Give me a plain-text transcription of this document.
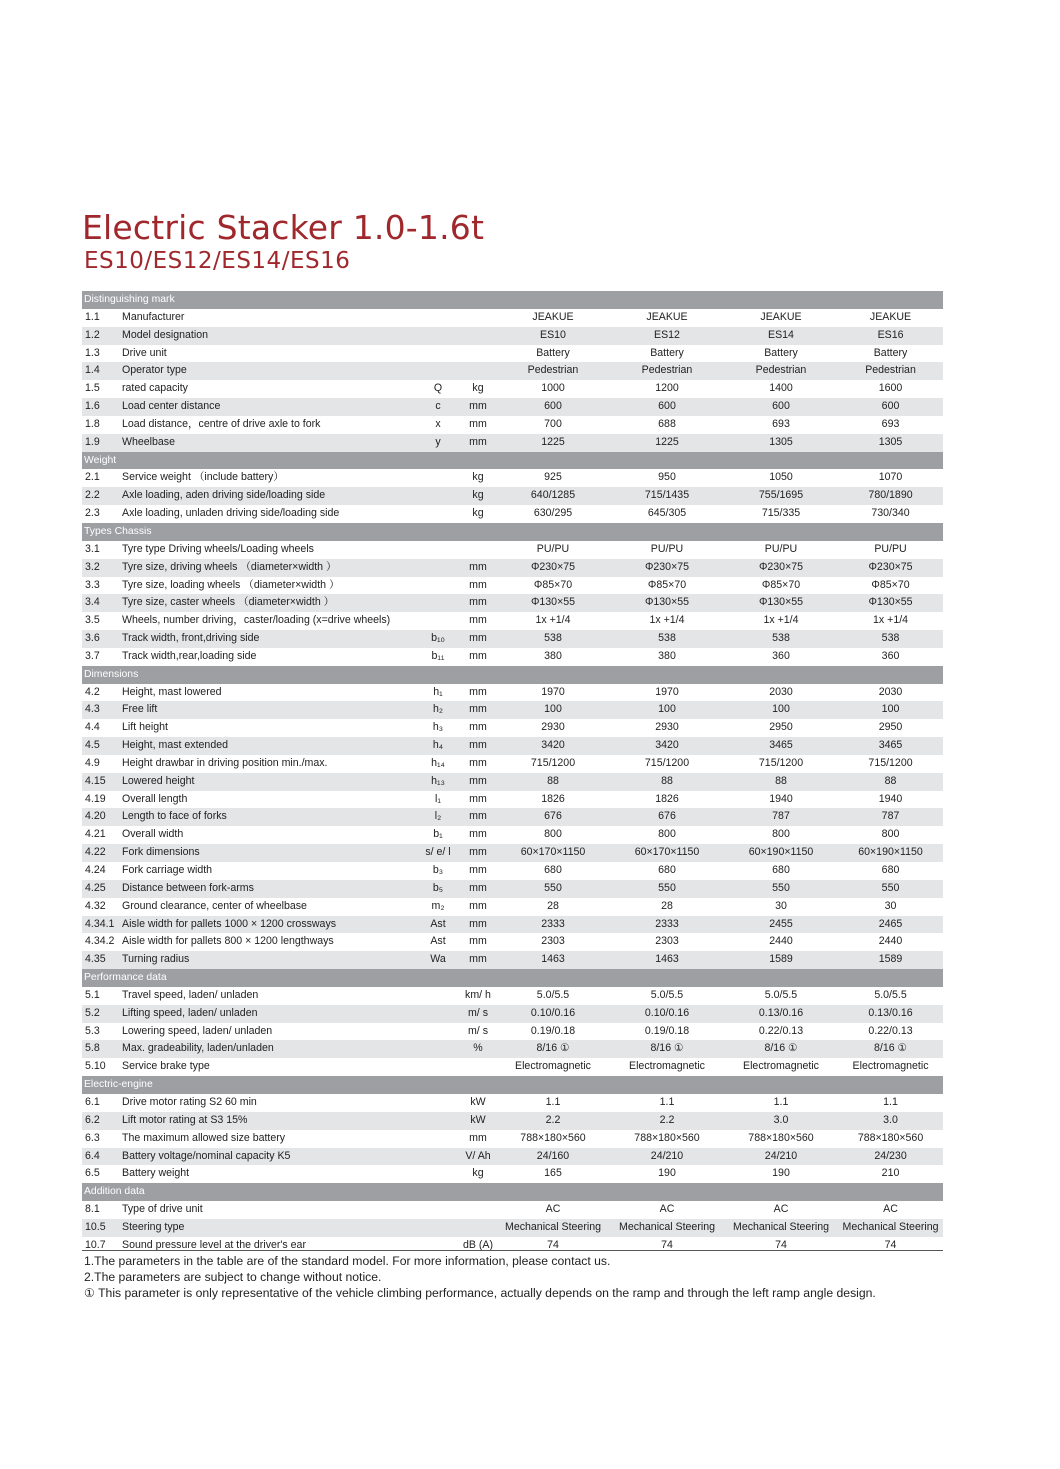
Electric Stacker 1.0-1.6t
ES10/ES12/ES14/ES16
Distinguishing mark							
1.1	Manufacturer			JEAKUE	JEAKUE	JEAKUE	JEAKUE
1.2	Model designation			ES10	ES12	ES14	ES16
1.3	Drive unit			Battery	Battery	Battery	Battery
1.4	Operator type			Pedestrian	Pedestrian	Pedestrian	Pedestrian
1.5	rated capacity	Q	kg	1000	1200	1400	1600
1.6	Load center distance	c	mm	600	600	600	600
1.8	Load distance，centre of drive axle to fork	x	mm	700	688	693	693
1.9	Wheelbase	y	mm	1225	1225	1305	1305
Weight							
2.1	Service weight （include battery）		kg	925	950	1050	1070
2.2	Axle loading, aden driving side/loading side		kg	640/1285	715/1435	755/1695	780/1890
2.3	Axle loading, unladen driving side/loading side		kg	630/295	645/305	715/335	730/340
Types Chassis							
3.1	Tyre type Driving wheels/Loading wheels			PU/PU	PU/PU	PU/PU	PU/PU
3.2	Tyre size, driving wheels （diameter×width ）		mm	Φ230×75	Φ230×75	Φ230×75	Φ230×75
3.3	Tyre size, loading wheels （diameter×width ）		mm	Φ85×70	Φ85×70	Φ85×70	Φ85×70
3.4	Tyre size, caster wheels （diameter×width ）		mm	Φ130×55	Φ130×55	Φ130×55	Φ130×55
3.5	Wheels, number driving，caster/loading (x=drive wheels)		mm	1x +1/4	1x +1/4	1x +1/4	1x +1/4
3.6	Track width, front,driving side	b₁₀	mm	538	538	538	538
3.7	Track width,rear,loading side	b₁₁	mm	380	380	360	360
Dimensions							
4.2	Height, mast lowered	h₁	mm	1970	1970	2030	2030
4.3	Free lift	h₂	mm	100	100	100	100
4.4	Lift height	h₃	mm	2930	2930	2950	2950
4.5	Height, mast extended	h₄	mm	3420	3420	3465	3465
4.9	Height drawbar in driving position min./max.	h₁₄	mm	715/1200	715/1200	715/1200	715/1200
4.15	Lowered height	h₁₃	mm	88	88	88	88
4.19	Overall length	l₁	mm	1826	1826	1940	1940
4.20	Length to face of forks	l₂	mm	676	676	787	787
4.21	Overall width	b₁	mm	800	800	800	800
4.22	Fork dimensions	s/ e/ l	mm	60×170×1150	60×170×1150	60×190×1150	60×190×1150
4.24	Fork carriage width	b₃	mm	680	680	680	680
4.25	Distance between fork-arms	b₅	mm	550	550	550	550
4.32	Ground clearance, center of wheelbase	m₂	mm	28	28	30	30
4.34.1	Aisle width for pallets 1000 × 1200 crossways	Ast	mm	2333	2333	2455	2465
4.34.2	Aisle width for pallets 800 × 1200 lengthways	Ast	mm	2303	2303	2440	2440
4.35	Turning radius	Wa	mm	1463	1463	1589	1589
Performance data							
5.1	Travel speed, laden/ unladen		km/ h	5.0/5.5	5.0/5.5	5.0/5.5	5.0/5.5
5.2	Lifting speed, laden/ unladen		m/ s	0.10/0.16	0.10/0.16	0.13/0.16	0.13/0.16
5.3	Lowering speed, laden/ unladen		m/ s	0.19/0.18	0.19/0.18	0.22/0.13	0.22/0.13
5.8	Max. gradeability, laden/unladen		%	8/16 ①	8/16 ①	8/16 ①	8/16 ①
5.10	Service brake type			Electromagnetic	Electromagnetic	Electromagnetic	Electromagnetic
Electric-engine							
6.1	Drive motor rating S2 60 min		kW	1.1	1.1	1.1	1.1
6.2	Lift motor rating at S3 15%		kW	2.2	2.2	3.0	3.0
6.3	The maximum allowed size battery		mm	788×180×560	788×180×560	788×180×560	788×180×560
6.4	Battery voltage/nominal capacity K5		V/ Ah	24/160	24/210	24/210	24/230
6.5	Battery weight		kg	165	190	190	210
Addition data							
8.1	Type of drive unit			AC	AC	AC	AC
10.5	Steering type			Mechanical Steering	Mechanical Steering	Mechanical Steering	Mechanical Steering
10.7	Sound pressure level at the driver's ear		dB (A)	74	74	74	74
1.The parameters in the table are of the standard model. For more information, please contact us.
2.The parameters are subject to change without notice.
① This parameter is only representative of the vehicle climbing performance, actually depends on the ramp and through the left ramp angle design.
